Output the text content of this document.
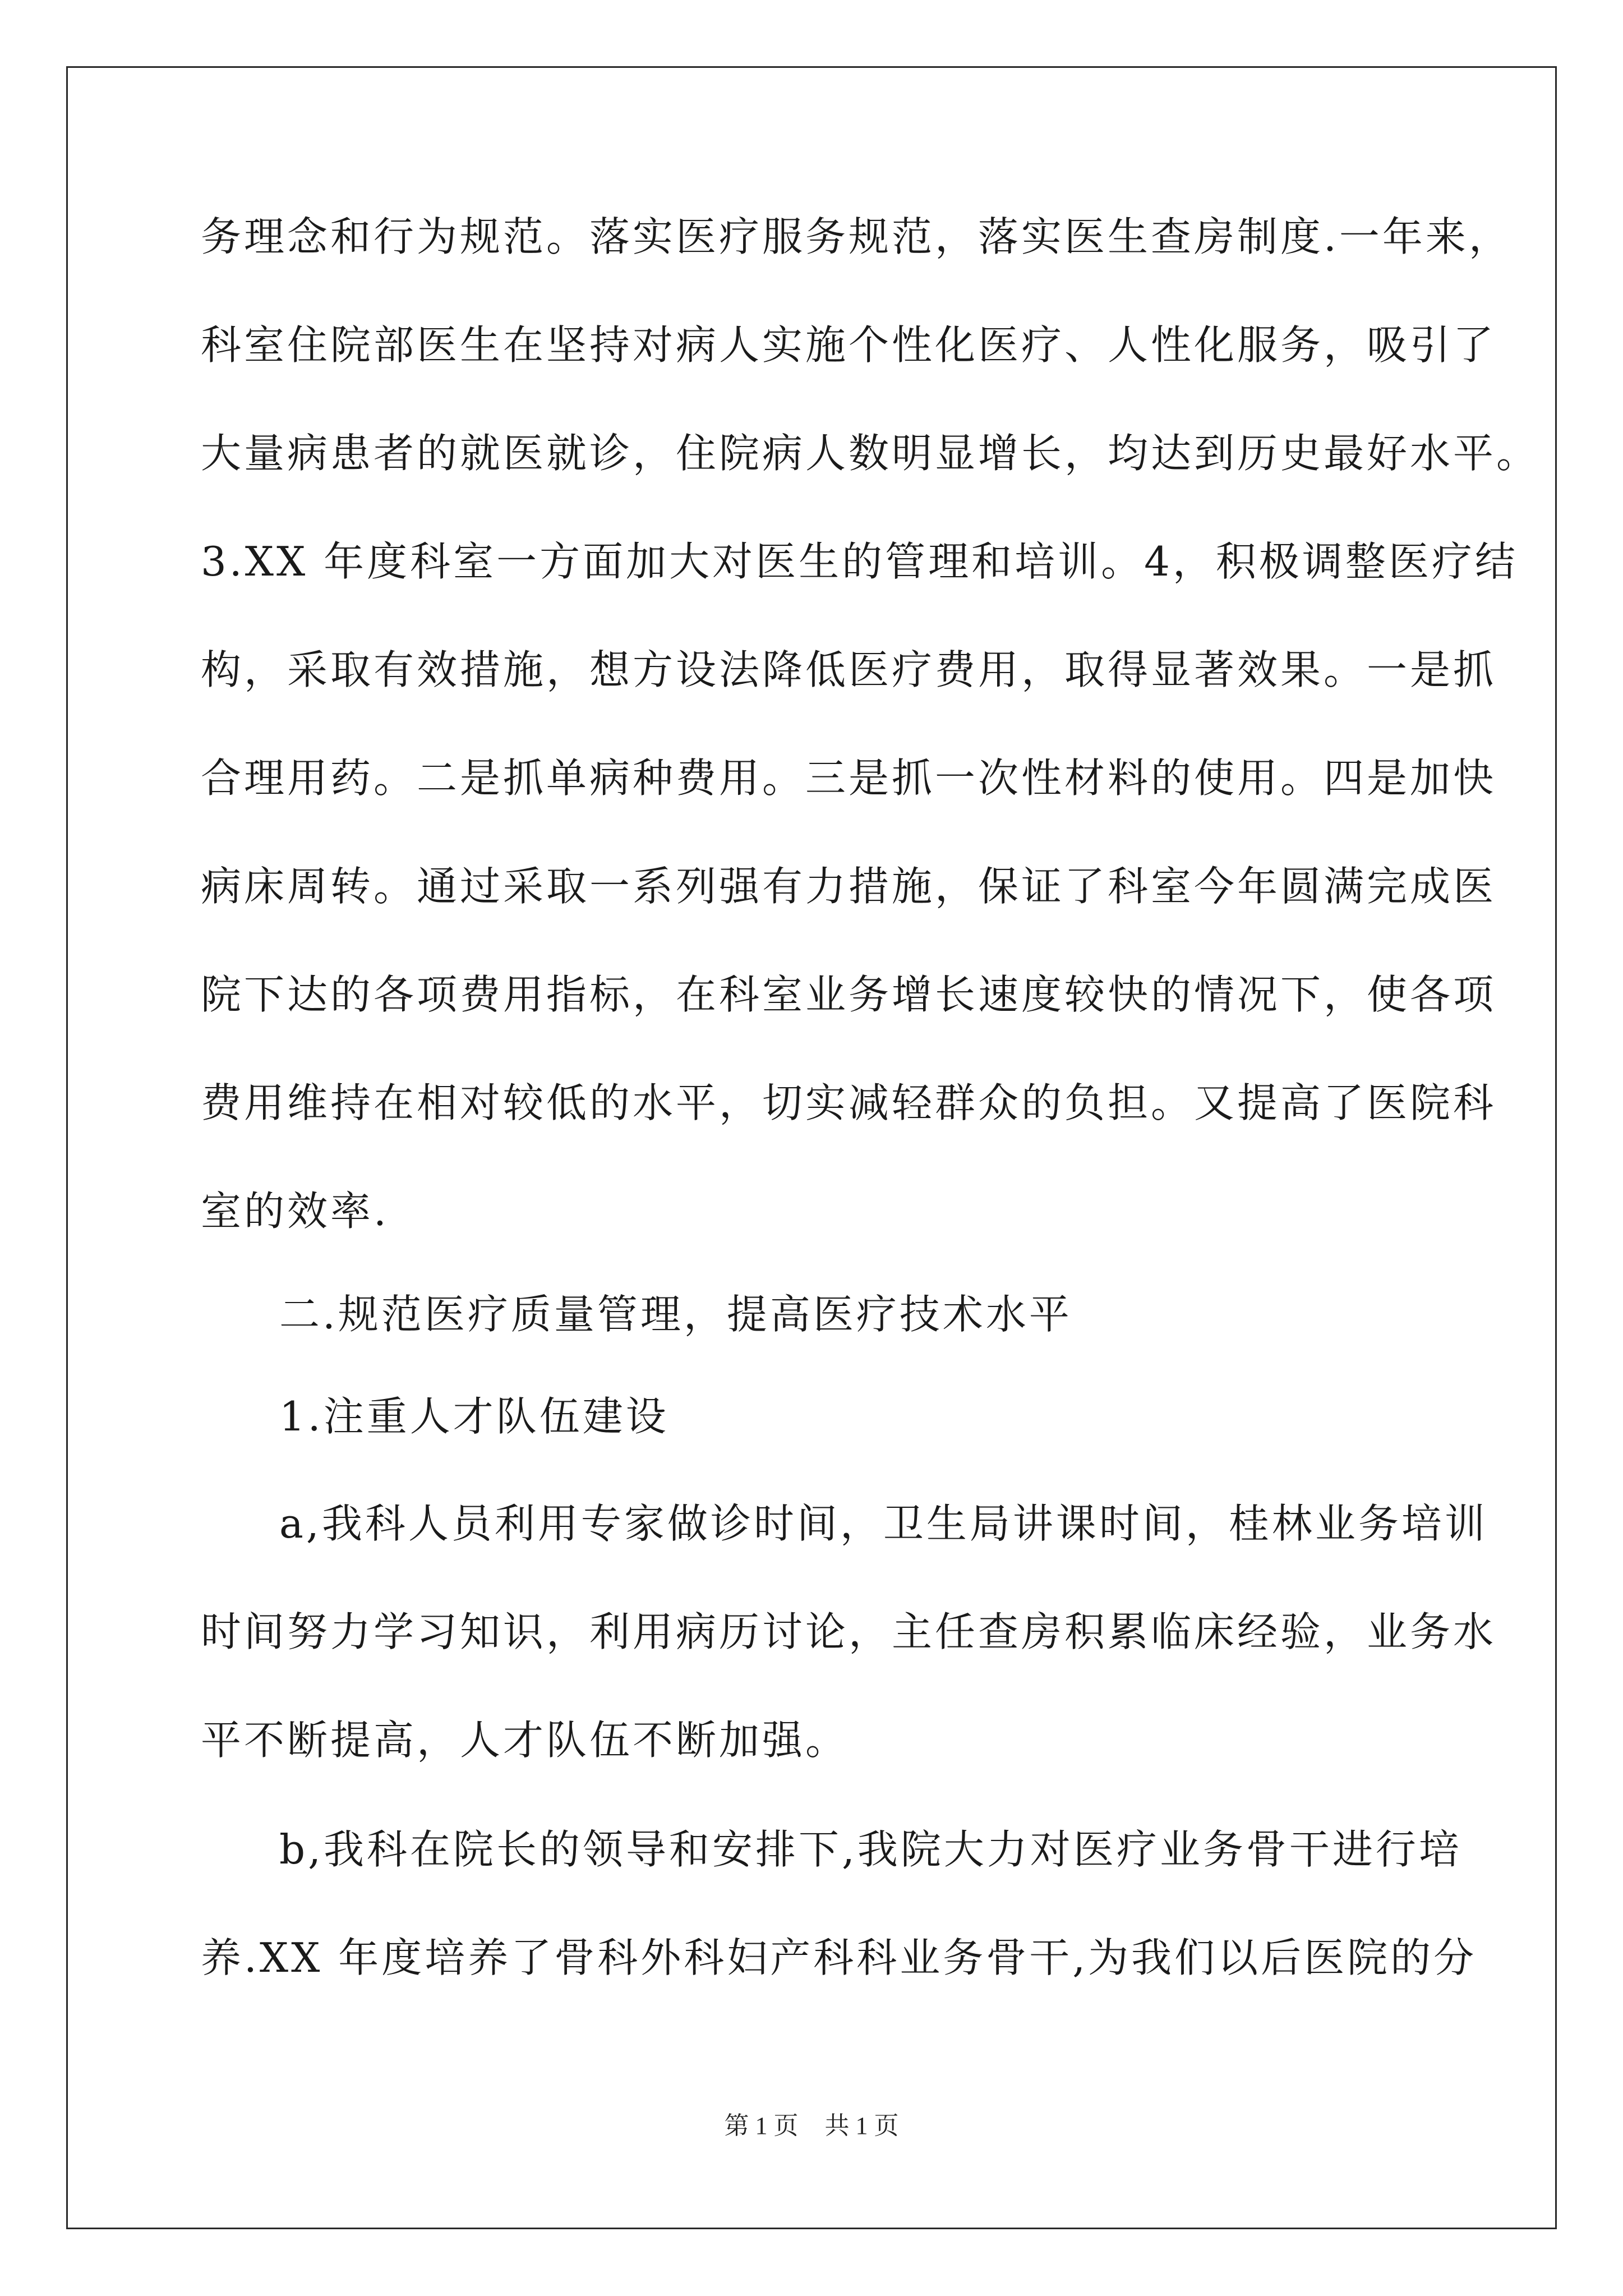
务理念和行为规范。落实医疗服务规范，落实医生查房制度.一年来，
科室住院部医生在坚持对病人实施个性化医疗、人性化服务，吸引了
大量病患者的就医就诊，住院病人数明显增长，均达到历史最好水平。
3.XX 年度科室一方面加大对医生的管理和培训。4，积极调整医疗结
构，采取有效措施，想方设法降低医疗费用，取得显著效果。一是抓
合理用药。二是抓单病种费用。三是抓一次性材料的使用。四是加快
病床周转。通过采取一系列强有力措施，保证了科室今年圆满完成医
院下达的各项费用指标，在科室业务增长速度较快的情况下，使各项
费用维持在相对较低的水平，切实减轻群众的负担。又提高了医院科
室的效率.
二.规范医疗质量管理，提高医疗技术水平
1.注重人才队伍建设
a,我科人员利用专家做诊时间，卫生局讲课时间，桂林业务培训
时间努力学习知识，利用病历讨论，主任查房积累临床经验，业务水
平不断提高，人才队伍不断加强。
b,我科在院长的领导和安排下,我院大力对医疗业务骨干进行培
养.XX 年度培养了骨科外科妇产科科业务骨干,为我们以后医院的分
第 1 页 共 1 页
